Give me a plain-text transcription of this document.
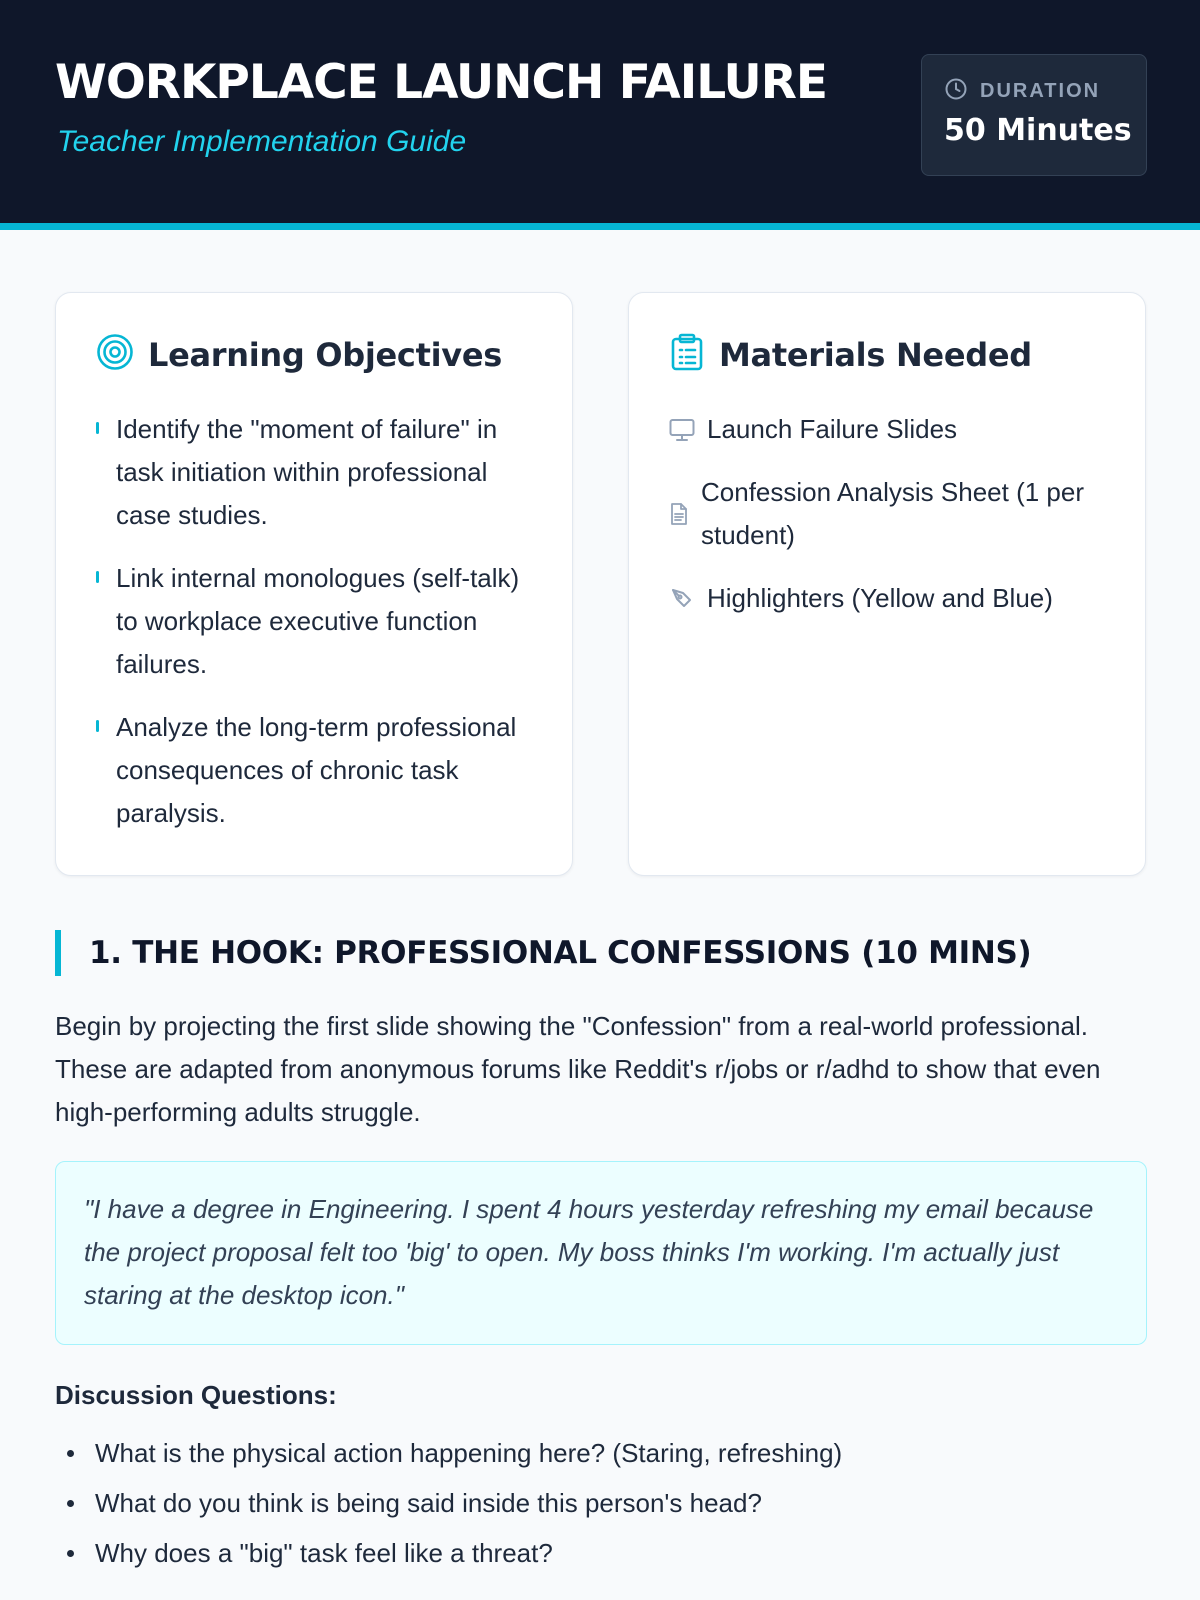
WORKPLACE LAUNCH FAILURE
Teacher Implementation Guide
DURATION
50 Minutes
Learning Objectives
Identify the "moment of failure" in task initiation within professional case studies.
Link internal monologues (self-talk) to workplace executive function failures.
Analyze the long-term professional consequences of chronic task paralysis.
Materials Needed
Launch Failure Slides
Confession Analysis Sheet (1 per student)
Highlighters (Yellow and Blue)
1. THE HOOK: PROFESSIONAL CONFESSIONS (10 MINS)

Begin by projecting the first slide showing the "Confession" from a real-world professional. These are adapted from anonymous forums like Reddit's r/jobs or r/adhd to show that even high-performing adults struggle.

"I have a degree in Engineering. I spent 4 hours yesterday refreshing my email because the project proposal felt too 'big' to open. My boss thinks I'm working. I'm actually just staring at the desktop icon."
Discussion Questions:
What is the physical action happening here? (Staring, refreshing)
What do you think is being said inside this person's head?
Why does a "big" task feel like a threat?
